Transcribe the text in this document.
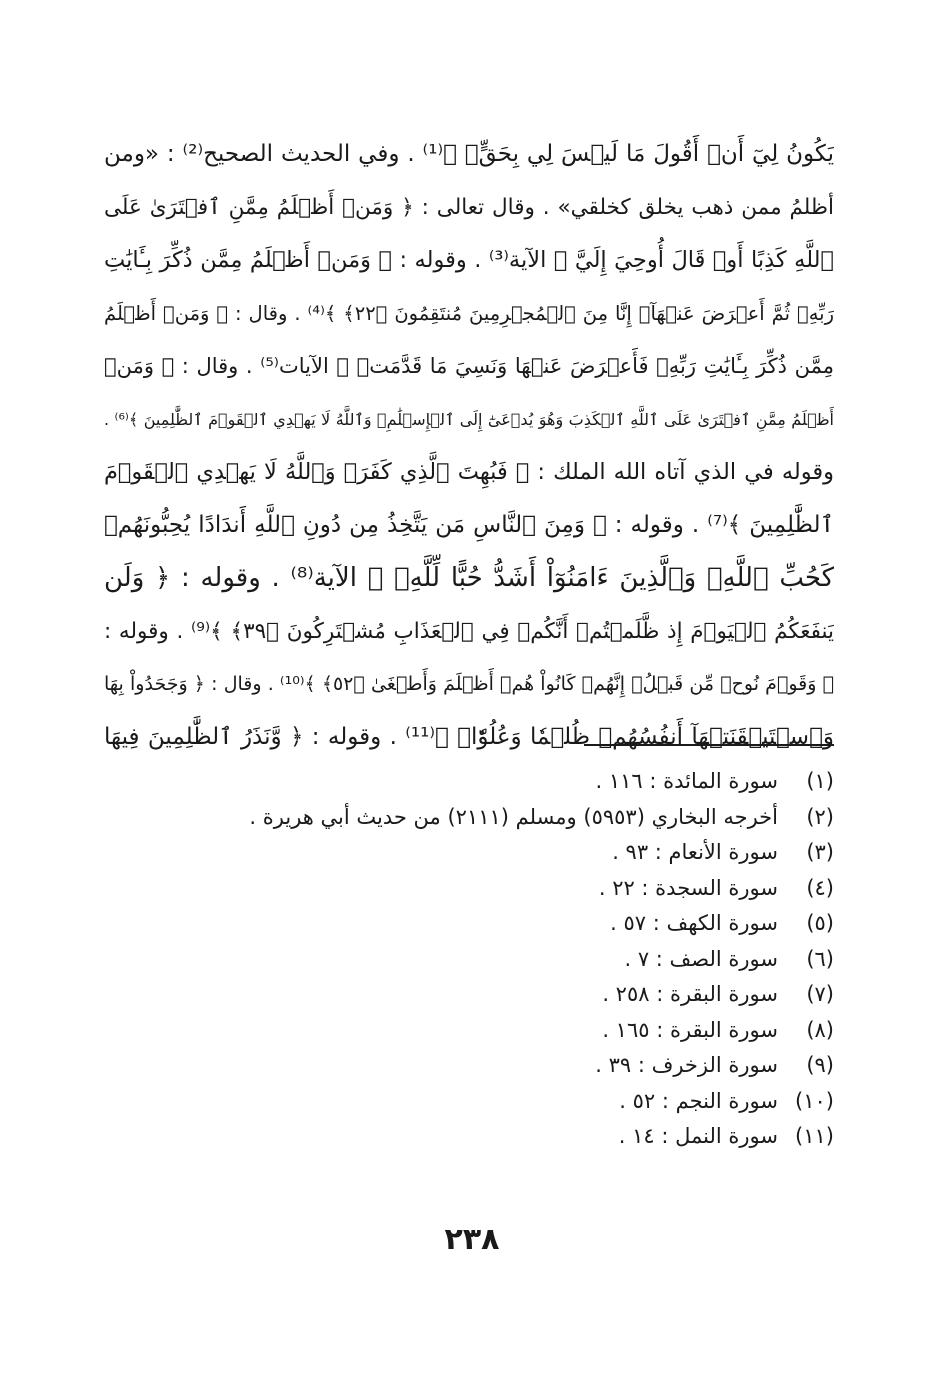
يَكُونُ لِيٓ أَنۡ أَقُولَ مَا لَيۡسَ لِي بِحَقٍّۚ ﴾⁽¹⁾ . وفي الحديث الصحيح⁽²⁾ : «ومن
أظلمُ ممن ذهب يخلق كخلقي» . وقال تعالى : ﴿ وَمَنۡ أَظۡلَمُ مِمَّنِ ٱفۡتَرَىٰ عَلَى
ٱللَّهِ كَذِبًا أَوۡ قَالَ أُوحِيَ إِلَيَّ ﴾ الآية⁽³⁾ . وقوله : ﴿ وَمَنۡ أَظۡلَمُ مِمَّن ذُكِّرَ بِـَٔايَٰتِ
رَبِّهِۦ ثُمَّ أَعۡرَضَ عَنۡهَآۚ إِنَّا مِنَ ٱلۡمُجۡرِمِينَ مُنتَقِمُونَ ﴿٢٢﴾ ﴾⁽⁴⁾ . وقال : ﴿ وَمَنۡ أَظۡلَمُ
مِمَّن ذُكِّرَ بِـَٔايَٰتِ رَبِّهِۦ فَأَعۡرَضَ عَنۡهَا وَنَسِيَ مَا قَدَّمَتۡ ﴾ الآيات⁽⁵⁾ . وقال : ﴿ وَمَنۡ
أَظۡلَمُ مِمَّنِ ٱفۡتَرَىٰ عَلَى ٱللَّهِ ٱلۡكَذِبَ وَهُوَ يُدۡعَىٰٓ إِلَى ٱلۡإِسۡلَٰمِۚ وَٱللَّهُ لَا يَهۡدِي ٱلۡقَوۡمَ ٱلظَّٰلِمِينَ ﴾⁽⁶⁾ .
وقوله في الذي آتاه الله الملك : ﴿ فَبُهِتَ ٱلَّذِي كَفَرَۗ وَٱللَّهُ لَا يَهۡدِي ٱلۡقَوۡمَ
ٱلظَّٰلِمِينَ ﴾⁽⁷⁾ . وقوله : ﴿ وَمِنَ ٱلنَّاسِ مَن يَتَّخِذُ مِن دُونِ ٱللَّهِ أَندَادًا يُحِبُّونَهُمۡ
كَحُبِّ ٱللَّهِۖ وَٱلَّذِينَ ءَامَنُوٓاْ أَشَدُّ حُبًّا لِّلَّهِۗ ﴾ الآية⁽⁸⁾ . وقوله : ﴿ وَلَن
يَنفَعَكُمُ ٱلۡيَوۡمَ إِذ ظَّلَمۡتُمۡ أَنَّكُمۡ فِي ٱلۡعَذَابِ مُشۡتَرِكُونَ ﴿٣٩﴾ ﴾⁽⁹⁾ . وقوله :
﴿ وَقَوۡمَ نُوحٖ مِّن قَبۡلُۖ إِنَّهُمۡ كَانُواْ هُمۡ أَظۡلَمَ وَأَطۡغَىٰ ﴿٥٢﴾ ﴾⁽¹⁰⁾ . وقال : ﴿ وَجَحَدُواْ بِهَا
وَٱسۡتَيۡقَنَتۡهَآ أَنفُسُهُمۡ ظُلۡمٗا وَعُلُوّٗاۚ ﴾⁽¹¹⁾ . وقوله : ﴿ وَّنَذَرُ ٱلظَّٰلِمِينَ فِيهَا
(١)
سورة المائدة : ١١٦ .
(٢)
أخرجه البخاري (٥٩٥٣) ومسلم (٢١١١) من حديث أبي هريرة .
(٣)
سورة الأنعام : ٩٣ .
(٤)
سورة السجدة : ٢٢ .
(٥)
سورة الكهف : ٥٧ .
(٦)
سورة الصف : ٧ .
(٧)
سورة البقرة : ٢٥٨ .
(٨)
سورة البقرة : ١٦٥ .
(٩)
سورة الزخرف : ٣٩ .
(١٠)
سورة النجم : ٥٢ .
(١١)
سورة النمل : ١٤ .
٢٣٨
